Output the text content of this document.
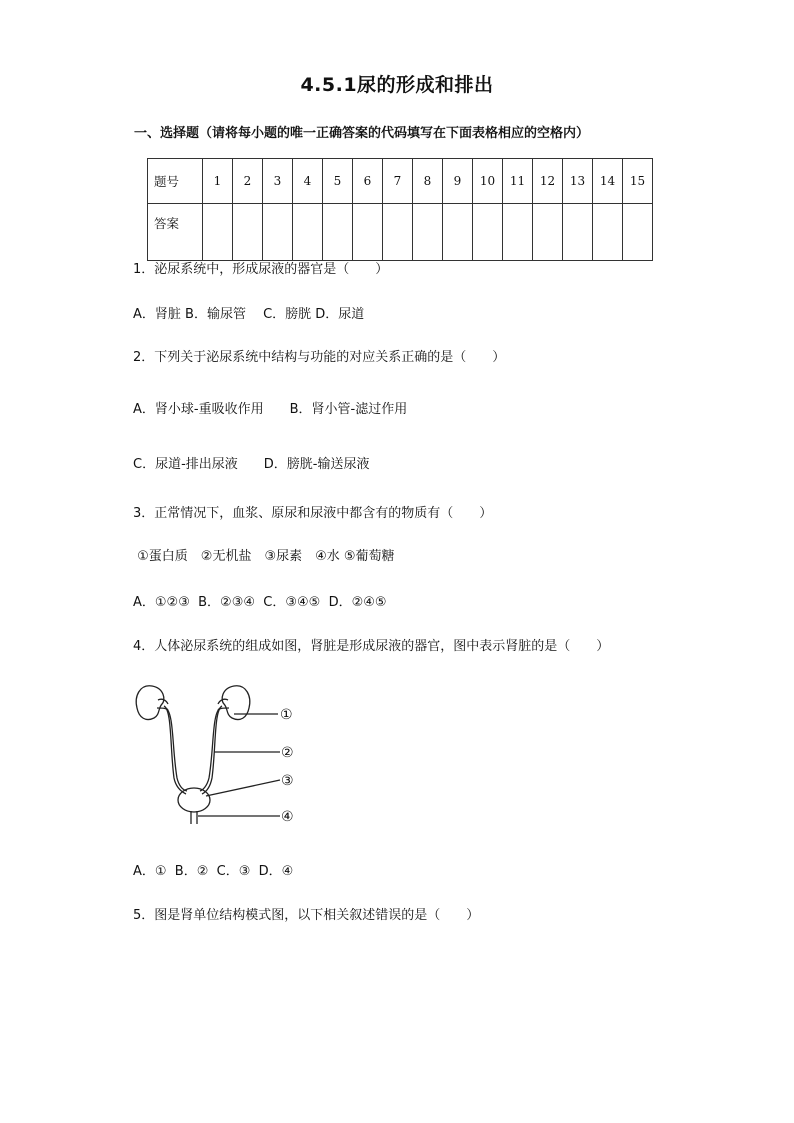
4.5.1尿的形成和排出
一、选择题（请将每小题的唯一正确答案的代码填写在下面表格相应的空格内）
题号	1	2	3	4	5	6	7	8	9	10	11	12	13	14	15
答案															
1．泌尿系统中，形成尿液的器官是（　　）
A．肾脏 B．输尿管　 C．膀胱 D．尿道
2．下列关于泌尿系统中结构与功能的对应关系正确的是（　　）
A．肾小球-重吸收作用　　B．肾小管-滤过作用
C．尿道-排出尿液　　D．膀胱-输送尿液
3．正常情况下，血浆、原尿和尿液中都含有的物质有（　　）
①蛋白质　②无机盐　③尿素　④水 ⑤葡萄糖
A．①②③  B．②③④  C．③④⑤  D．②④⑤
4．人体泌尿系统的组成如图，肾脏是形成尿液的器官，图中表示肾脏的是（　　）
①
②
③
④
A．①  B．②  C．③  D．④
5．图是肾单位结构模式图，以下相关叙述错误的是（　　）
